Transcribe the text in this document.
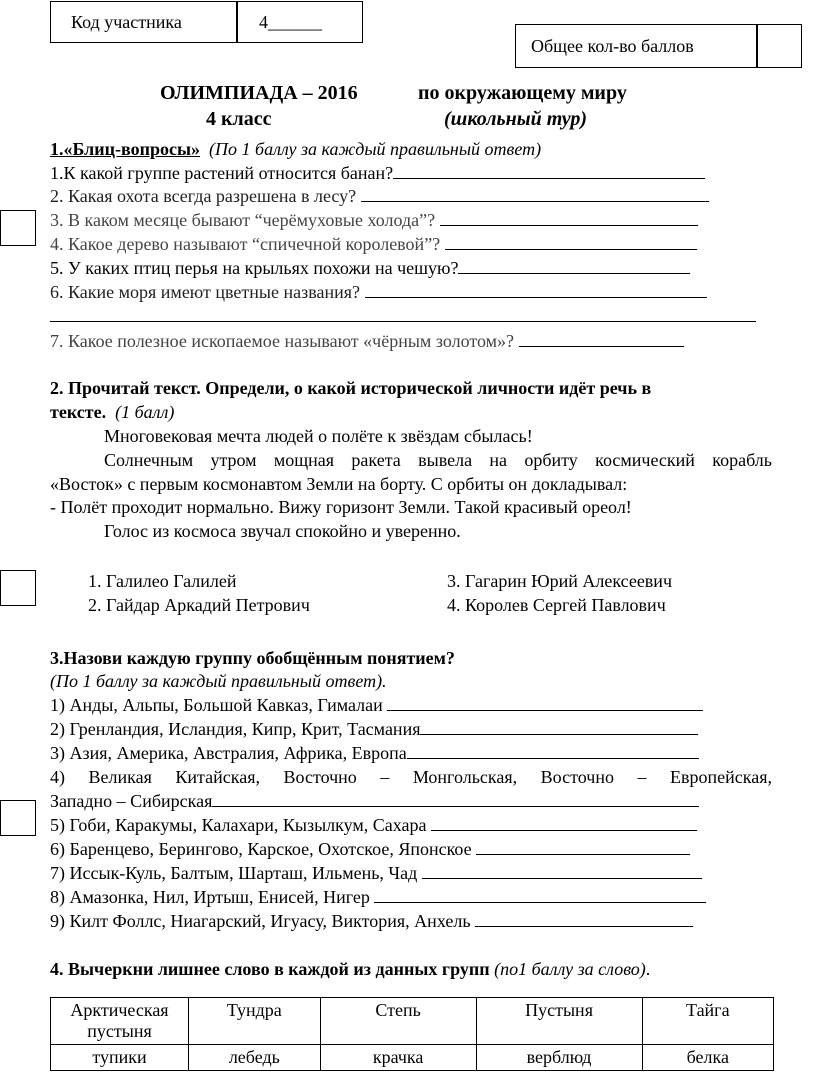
Код участника	4______
Общее кол-во баллов
ОЛИМПИАДА – 2016	по окружающему миру
4 класс	(школьный тур)
1.«Блиц-вопросы» (По 1 баллу за каждый правильный ответ)
1.К какой группе растений относится банан?
2. Какая охота всегда разрешена в лесу?
3. В каком месяце бывают “черёмуховые холода”?
4. Какое дерево называют “спичечной королевой”?
5. У каких птиц перья на крыльях похожи на чешую?
6. Какие моря имеют цветные названия?
7. Какое полезное ископаемое называют «чёрным золотом»?
2. Прочитай текст. Определи, о какой исторической личности идёт речь в
тексте. (1 балл)
Многовековая мечта людей о полёте к звёздам сбылась!
Солнечным утром мощная ракета вывела на орбиту космический корабль
«Восток» с первым космонавтом Земли на борту. С орбиты он докладывал:
- Полёт проходит нормально. Вижу горизонт Земли. Такой красивый ореол!
Голос из космоса звучал спокойно и уверенно.
1. Галилео Галилей
2. Гайдар Аркадий Петрович
3. Гагарин Юрий Алексеевич
4. Королев Сергей Павлович
3.Назови каждую группу обобщённым понятием?
(По 1 баллу за каждый правильный ответ).
1) Анды, Альпы, Большой Кавказ, Гималаи
2) Гренландия, Исландия, Кипр, Крит, Тасмания
3) Азия, Америка, Австралия, Африка, Европа
4) Великая Китайская, Восточно – Монгольская, Восточно – Европейская,
Западно – Сибирская
5) Гоби, Каракумы, Калахари, Кызылкум, Сахара
6) Баренцево, Берингово, Карское, Охотское, Японское
7) Иссык-Куль, Балтым, Шарташ, Ильмень, Чад
8) Амазонка, Нил, Иртыш, Енисей, Нигер
9) Килт Фоллс, Ниагарский, Игуасу, Виктория, Анхель
4. Вычеркни лишнее слово в каждой из данных групп (по1 баллу за слово).
Арктическая пустыня	Тундра	Степь	Пустыня	Тайга
тупики	лебедь	крачка	верблюд	белка
